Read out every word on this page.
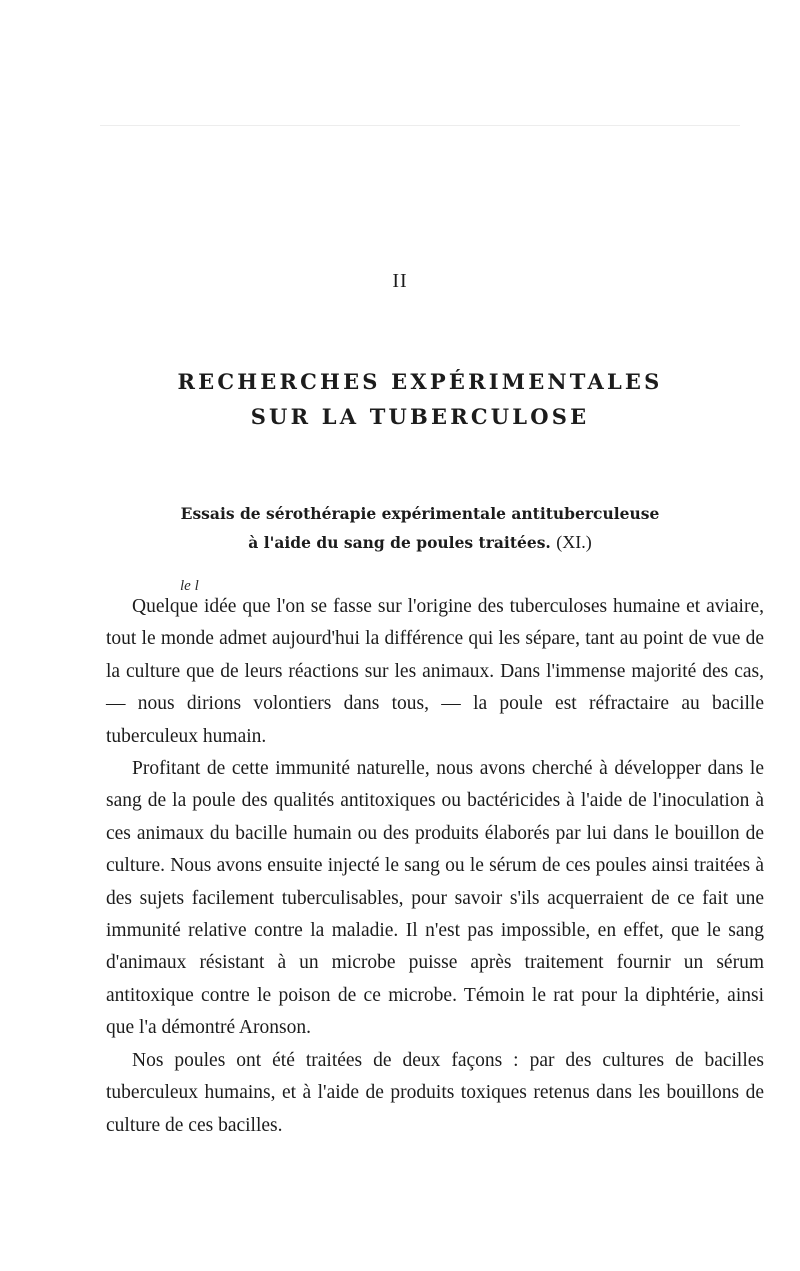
II
RECHERCHES EXPÉRIMENTALES
SUR LA TUBERCULOSE
Essais de sérothérapie expérimentale antituberculeuse
à l'aide du sang de poules traitées. (XI.)
le l

Quelque idée que l'on se fasse sur l'origine des tuberculoses humaine et aviaire, tout le monde admet aujourd'hui la différence qui les sépare, tant au point de vue de la culture que de leurs réactions sur les animaux. Dans l'immense majorité des cas, — nous dirions volontiers dans tous, — la poule est réfractaire au bacille tuberculeux humain.

Profitant de cette immunité naturelle, nous avons cherché à développer dans le sang de la poule des qualités antitoxiques ou bactéricides à l'aide de l'inoculation à ces animaux du bacille humain ou des produits élaborés par lui dans le bouillon de culture. Nous avons ensuite injecté le sang ou le sérum de ces poules ainsi traitées à des sujets facilement tuberculisables, pour savoir s'ils acquerraient de ce fait une immunité relative contre la maladie. Il n'est pas impossible, en effet, que le sang d'animaux résistant à un microbe puisse après traitement fournir un sérum antitoxique contre le poison de ce microbe. Témoin le rat pour la diphtérie, ainsi que l'a démontré Aronson.

Nos poules ont été traitées de deux façons : par des cultures de bacilles tuberculeux humains, et à l'aide de produits toxiques retenus dans les bouillons de culture de ces bacilles.
